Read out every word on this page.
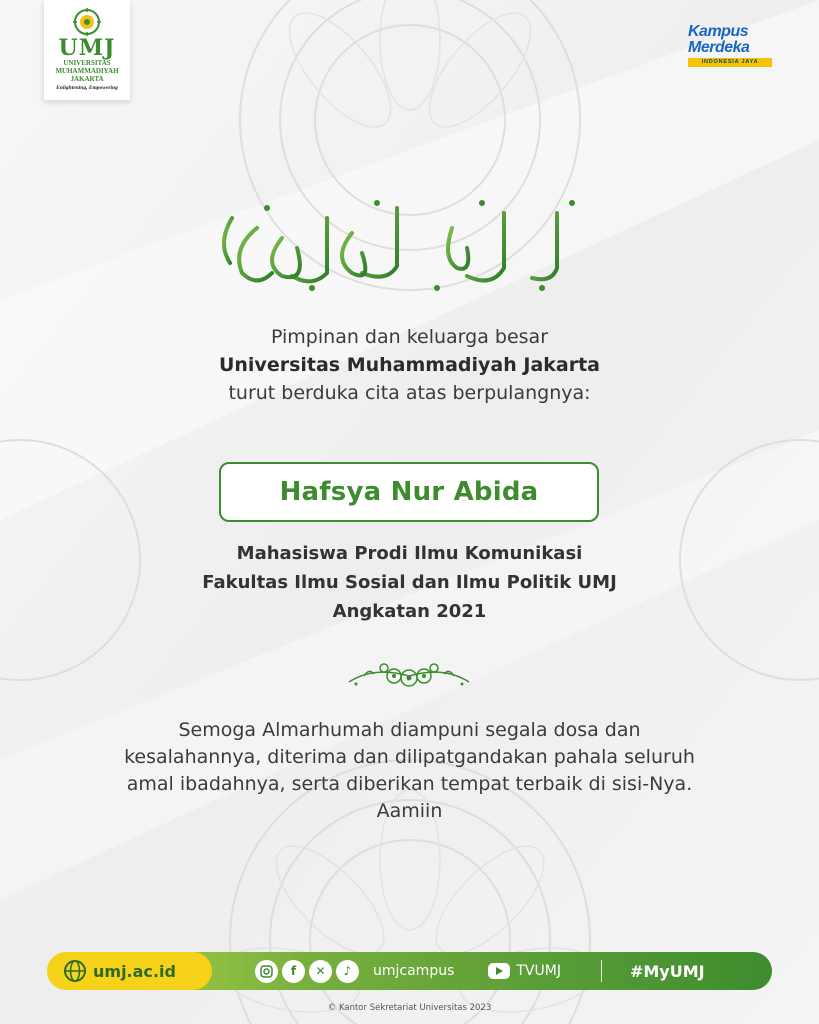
UMJ
UNIVERSITAS MUHAMMADIYAH JAKARTA
Enlightening, Empowering
Kampus
Merdeka
INDONESIA JAYA
Pimpinan dan keluarga besar
Universitas Muhammadiyah Jakarta
turut berduka cita atas berpulangnya:
Hafsya Nur Abida
Mahasiswa Prodi Ilmu Komunikasi
Fakultas Ilmu Sosial dan Ilmu Politik UMJ
Angkatan 2021
Semoga Almarhumah diampuni segala dosa dan
kesalahannya, diterima dan dilipatgandakan pahala seluruh
amal ibadahnya, serta diberikan tempat terbaik di sisi-Nya.
Aamiin
umj.ac.id	f	✕	♪	umjcampus	TVUMJ	#MyUMJ
© Kantor Sekretariat Universitas 2023
